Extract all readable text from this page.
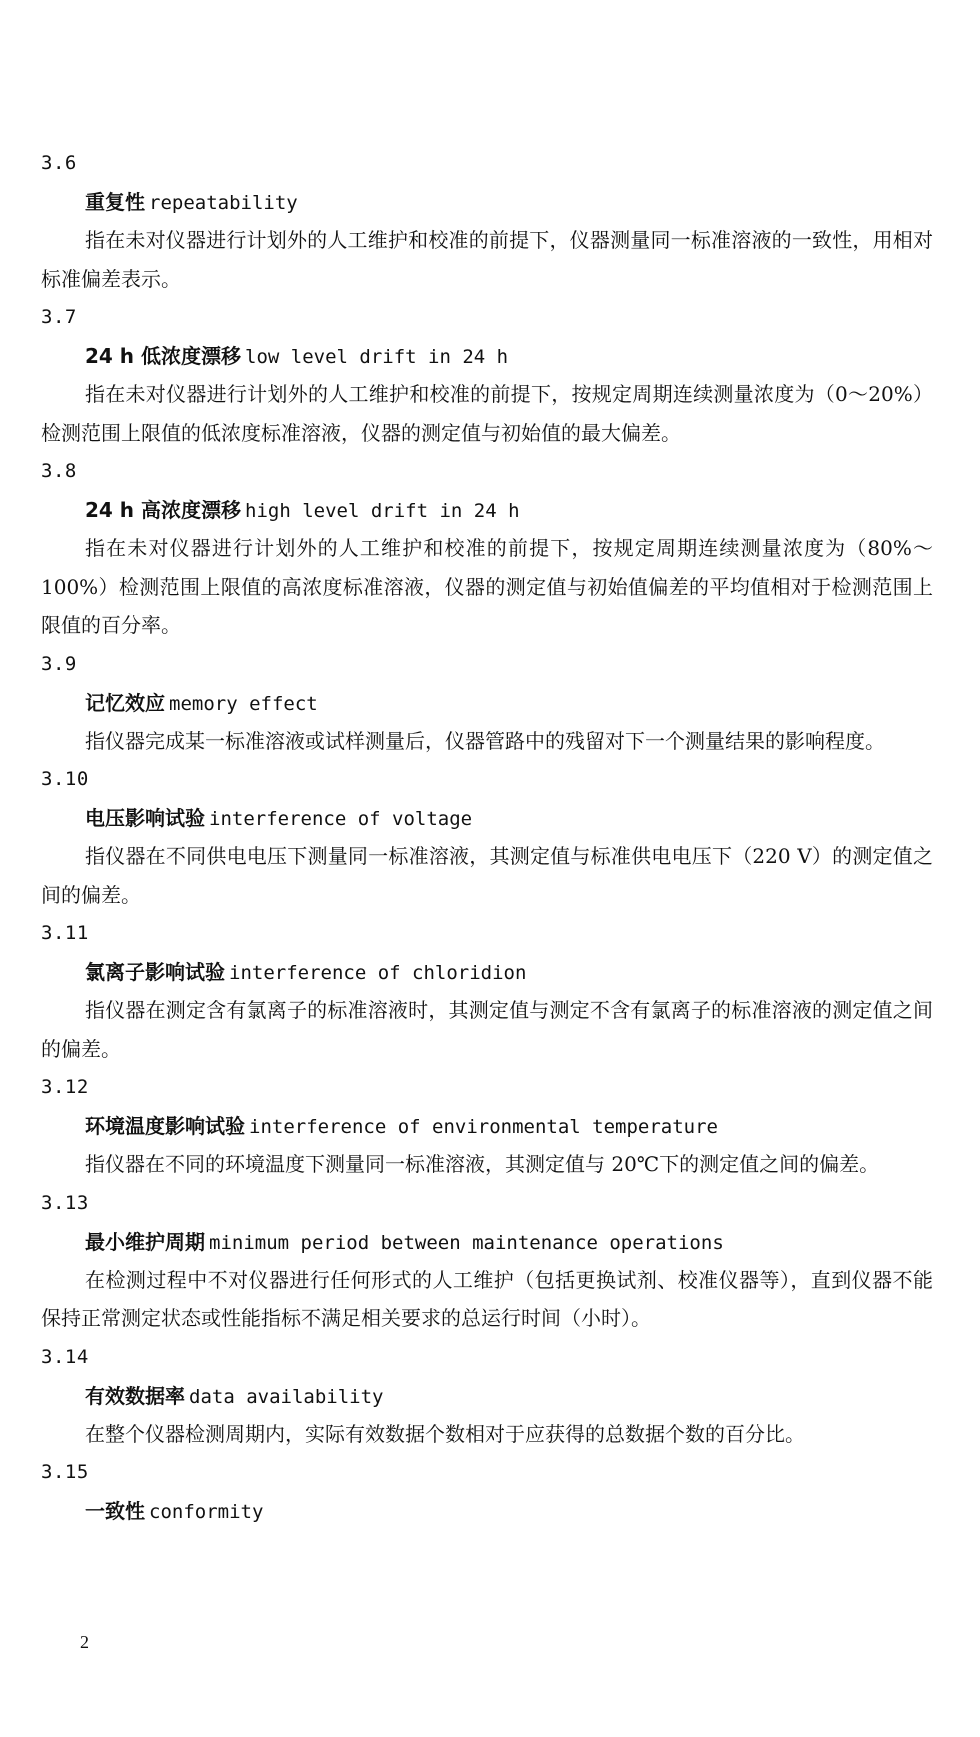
3.6

重复性 repeatability

指在未对仪器进行计划外的人工维护和校准的前提下，仪器测量同一标准溶液的一致性，用相对标准偏差表示。

3.7

24 h 低浓度漂移 low level drift in 24 h

指在未对仪器进行计划外的人工维护和校准的前提下，按规定周期连续测量浓度为（0～20%）检测范围上限值的低浓度标准溶液，仪器的测定值与初始值的最大偏差。

3.8

24 h 高浓度漂移 high level drift in 24 h

指在未对仪器进行计划外的人工维护和校准的前提下，按规定周期连续测量浓度为（80%～100%）检测范围上限值的高浓度标准溶液，仪器的测定值与初始值偏差的平均值相对于检测范围上限值的百分率。

3.9

记忆效应 memory effect

指仪器完成某一标准溶液或试样测量后，仪器管路中的残留对下一个测量结果的影响程度。

3.10

电压影响试验 interference of voltage

指仪器在不同供电电压下测量同一标准溶液，其测定值与标准供电电压下（220 V）的测定值之间的偏差。

3.11

氯离子影响试验 interference of chloridion

指仪器在测定含有氯离子的标准溶液时，其测定值与测定不含有氯离子的标准溶液的测定值之间的偏差。

3.12

环境温度影响试验 interference of environmental temperature

指仪器在不同的环境温度下测量同一标准溶液，其测定值与 20℃下的测定值之间的偏差。

3.13

最小维护周期 minimum period between maintenance operations

在检测过程中不对仪器进行任何形式的人工维护（包括更换试剂、校准仪器等），直到仪器不能保持正常测定状态或性能指标不满足相关要求的总运行时间（小时）。

3.14

有效数据率 data availability

在整个仪器检测周期内，实际有效数据个数相对于应获得的总数据个数的百分比。

3.15

一致性 conformity

2
